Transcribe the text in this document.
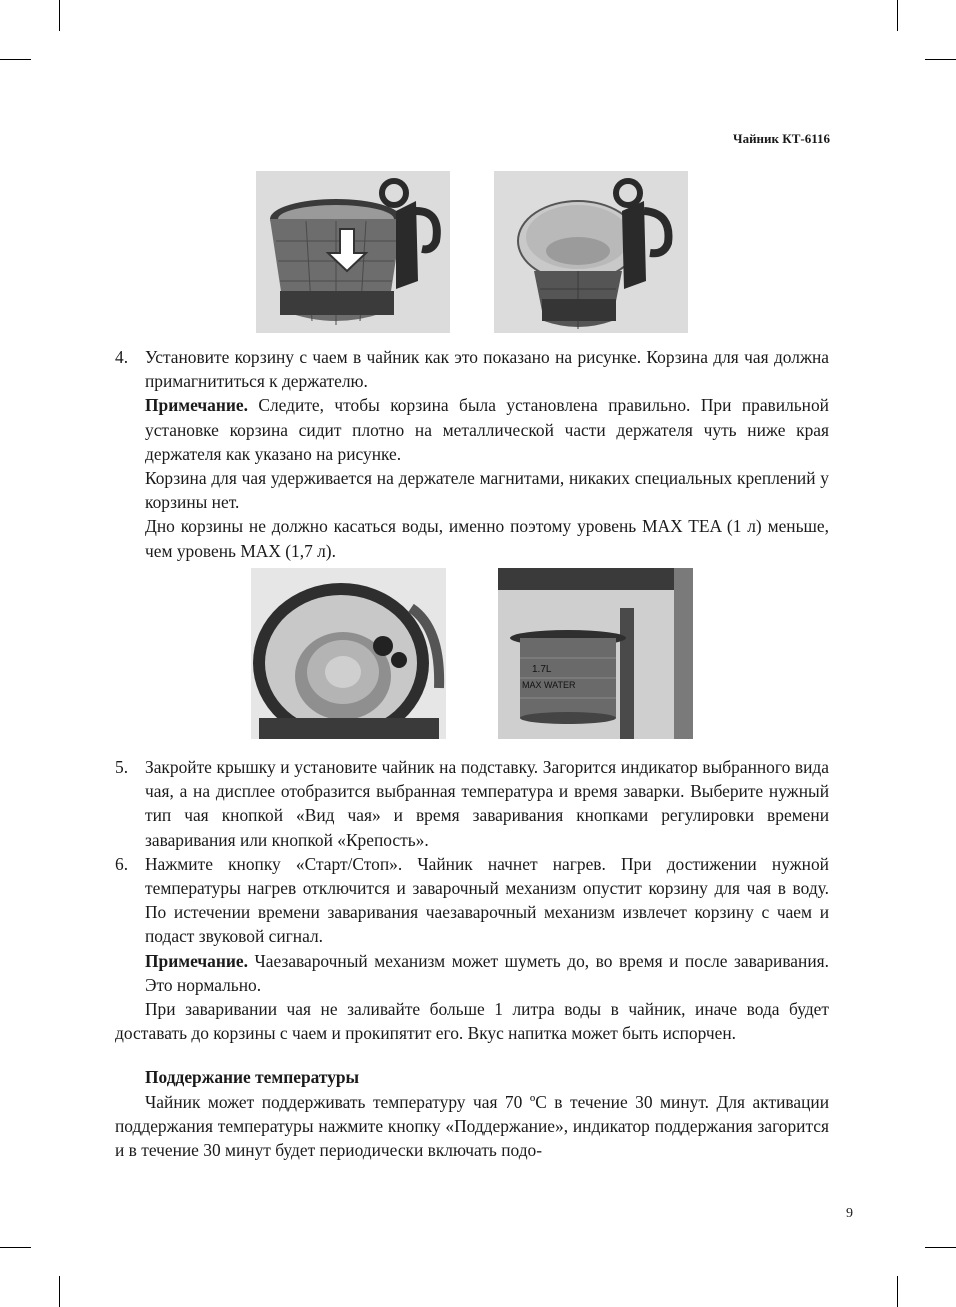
Чайник КТ-6116
4. Установите корзину с чаем в чайник как это показано на рисунке. Корзина для чая должна примагнититься к держателю.

Примечание. Следите, чтобы корзина была установлена правильно. При правильной установке корзина сидит плотно на металлической части держателя чуть ниже края держателя как указано на рисунке.

Корзина для чая удерживается на держателе магнитами, никаких специальных креплений у корзины нет.

Дно корзины не должно касаться воды, именно поэтому уровень MAX TEA (1 л) меньше, чем уровень MAX (1,7 л).

1.7L
MAX WATER
5. Закройте крышку и установите чайник на подставку. Загорится индикатор выбранного вида чая, а на дисплее отобразится выбранная температура и время заварки. Выберите нужный тип чая кнопкой «Вид чая» и время заваривания кнопками регулировки времени заваривания или кнопкой «Крепость».

6. Нажмите кнопку «Старт/Стоп». Чайник начнет нагрев. При достижении нужной температуры нагрев отключится и заварочный механизм опустит корзину для чая в воду. По истечении времени заваривания чаезаварочный механизм извлечет корзину с чаем и подаст звуковой сигнал.

Примечание. Чаезаварочный механизм может шуметь до, во время и после заваривания. Это нормально.

При заваривании чая не заливайте больше 1 литра воды в чайник, иначе вода будет доставать до корзины с чаем и прокипятит его. Вкус напитка может быть испорчен.

Поддержание температуры

Чайник может поддерживать температуру чая 70 ºС в течение 30 минут. Для активации поддержания температуры нажмите кнопку «Поддержание», индикатор поддержания загорится и в течение 30 минут будет периодически включать подо-

9
